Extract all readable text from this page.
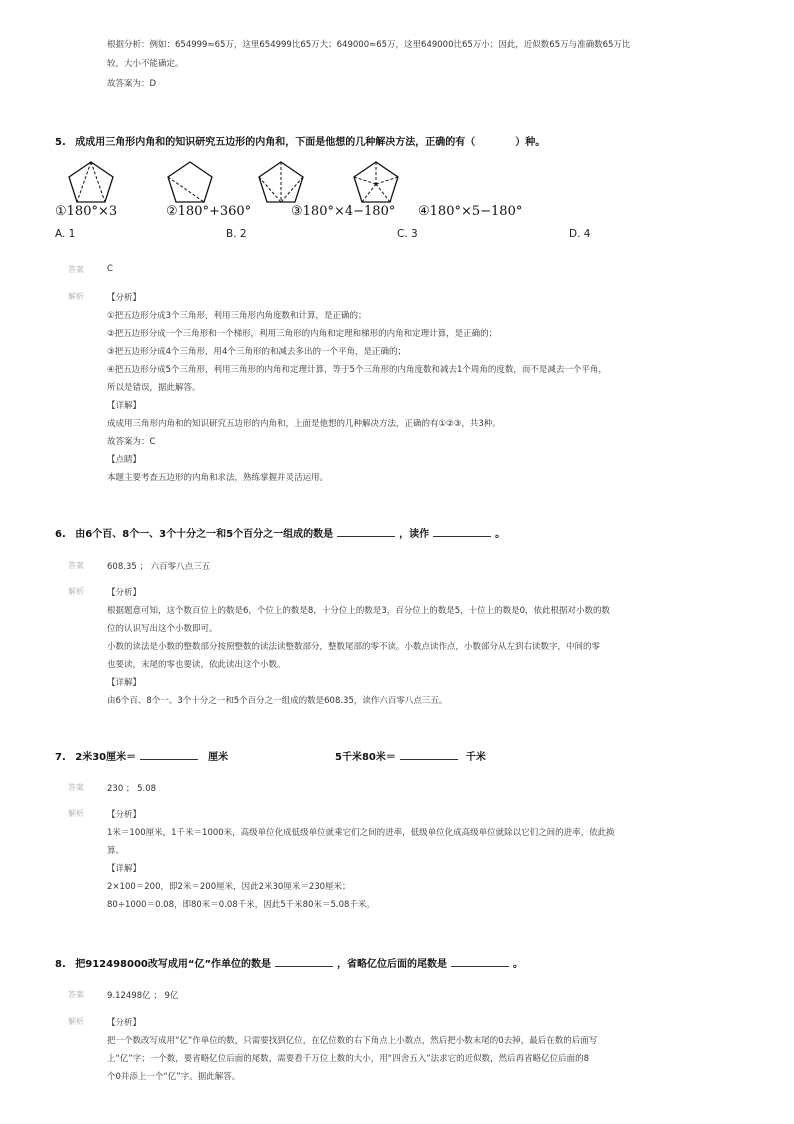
根据分析：例如：654999≈65万，这里654999比65万大；649000≈65万，这里649000比65万小；因此，近似数65万与准确数65万比
较，大小不能确定。
故答案为：D
5. 成成用三角形内角和的知识研究五边形的内角和，下面是他想的几种解决方法，正确的有（	）种。
①180°×3	②180°+360°	③180°×4−180° ④180°×5−180°
A. 1	B. 2	C. 3	D. 4
答案	C
解析	【分析】
①把五边形分成3个三角形，利用三角形内角度数和计算，是正确的；
②把五边形分成一个三角形和一个梯形，利用三角形的内角和定理和梯形的内角和定理计算，是正确的；
③把五边形分成4个三角形，用4个三角形的和减去多出的一个平角，是正确的；
④把五边形分成5个三角形，利用三角形的内角和定理计算，等于5个三角形的内角度数和减去1个周角的度数，而不是减去一个平角，
所以是错误，据此解答。
【详解】
成成用三角形内角和的知识研究五边形的内角和，上面是他想的几种解决方法，正确的有①②③，共3种。
故答案为：C
【点睛】
本题主要考查五边形的内角和求法，熟练掌握并灵活运用。
6. 由6个百、8个一、3个十分之一和5个百分之一组成的数是	，读作	。
答案	608.35 ； 六百零八点三五
解析	【分析】
根据题意可知，这个数百位上的数是6，个位上的数是8，十分位上的数是3，百分位上的数是5，十位上的数是0，依此根据对小数的数
位的认识写出这个小数即可。
小数的读法是小数的整数部分按照整数的读法读整数部分，整数尾部的零不读。小数点读作点，小数部分从左到右读数字，中间的零
也要读，末尾的零也要读，依此读出这个小数。
【详解】
由6个百、8个一、3个十分之一和5个百分之一组成的数是608.35，读作六百零八点三五。
7. 2米30厘米＝	厘米	5千米80米＝	千米
答案	230 ； 5.08
解析	【分析】
1米＝100厘米，1千米＝1000米，高级单位化成低级单位就乘它们之间的进率，低级单位化成高级单位就除以它们之间的进率，依此换
算。
【详解】
2×100＝200，即2米＝200厘米，因此2米30厘米＝230厘米；
80÷1000＝0.08，即80米＝0.08千米，因此5千米80米＝5.08千米。
8. 把912498000改写成用“亿”作单位的数是	，省略亿位后面的尾数是	。
答案	9.12498亿 ； 9亿
解析	【分析】
把一个数改写成用“亿”作单位的数，只需要找到亿位，在亿位数的右下角点上小数点，然后把小数末尾的0去掉，最后在数的后面写
上“亿”字；一个数，要省略亿位后面的尾数，需要看千万位上数的大小，用“四舍五入”法求它的近似数，然后再省略亿位后面的8
个0并添上一个“亿”字。据此解答。
